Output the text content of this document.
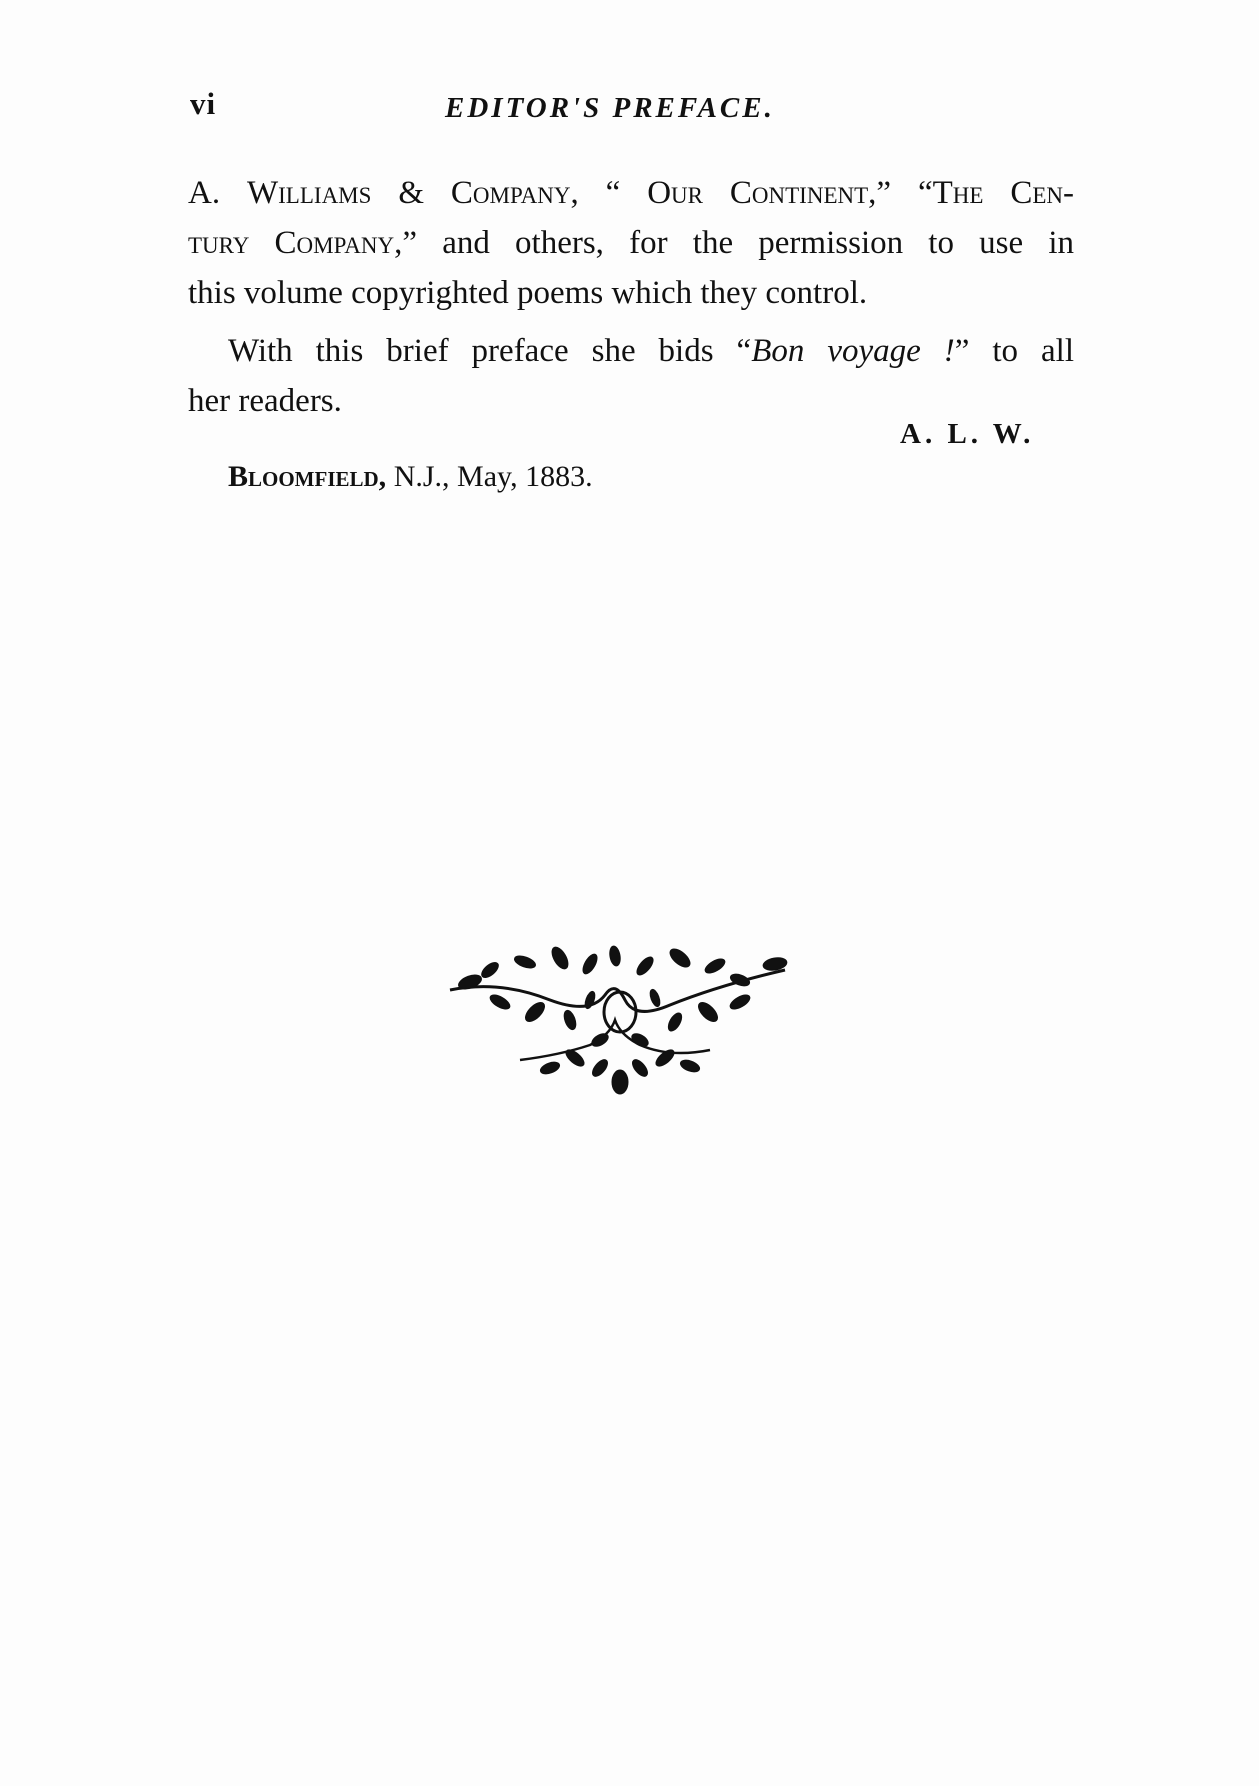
vi	EDITOR'S PREFACE.

A. Williams & Company, “ Our Continent,” “The Cen-
tury Company,” and others, for the permission to use in
this volume copyrighted poems which they control.

With this brief preface she bids “Bon voyage !” to all
her readers.

A. L. W.
Bloomfield, N.J., May, 1883.
